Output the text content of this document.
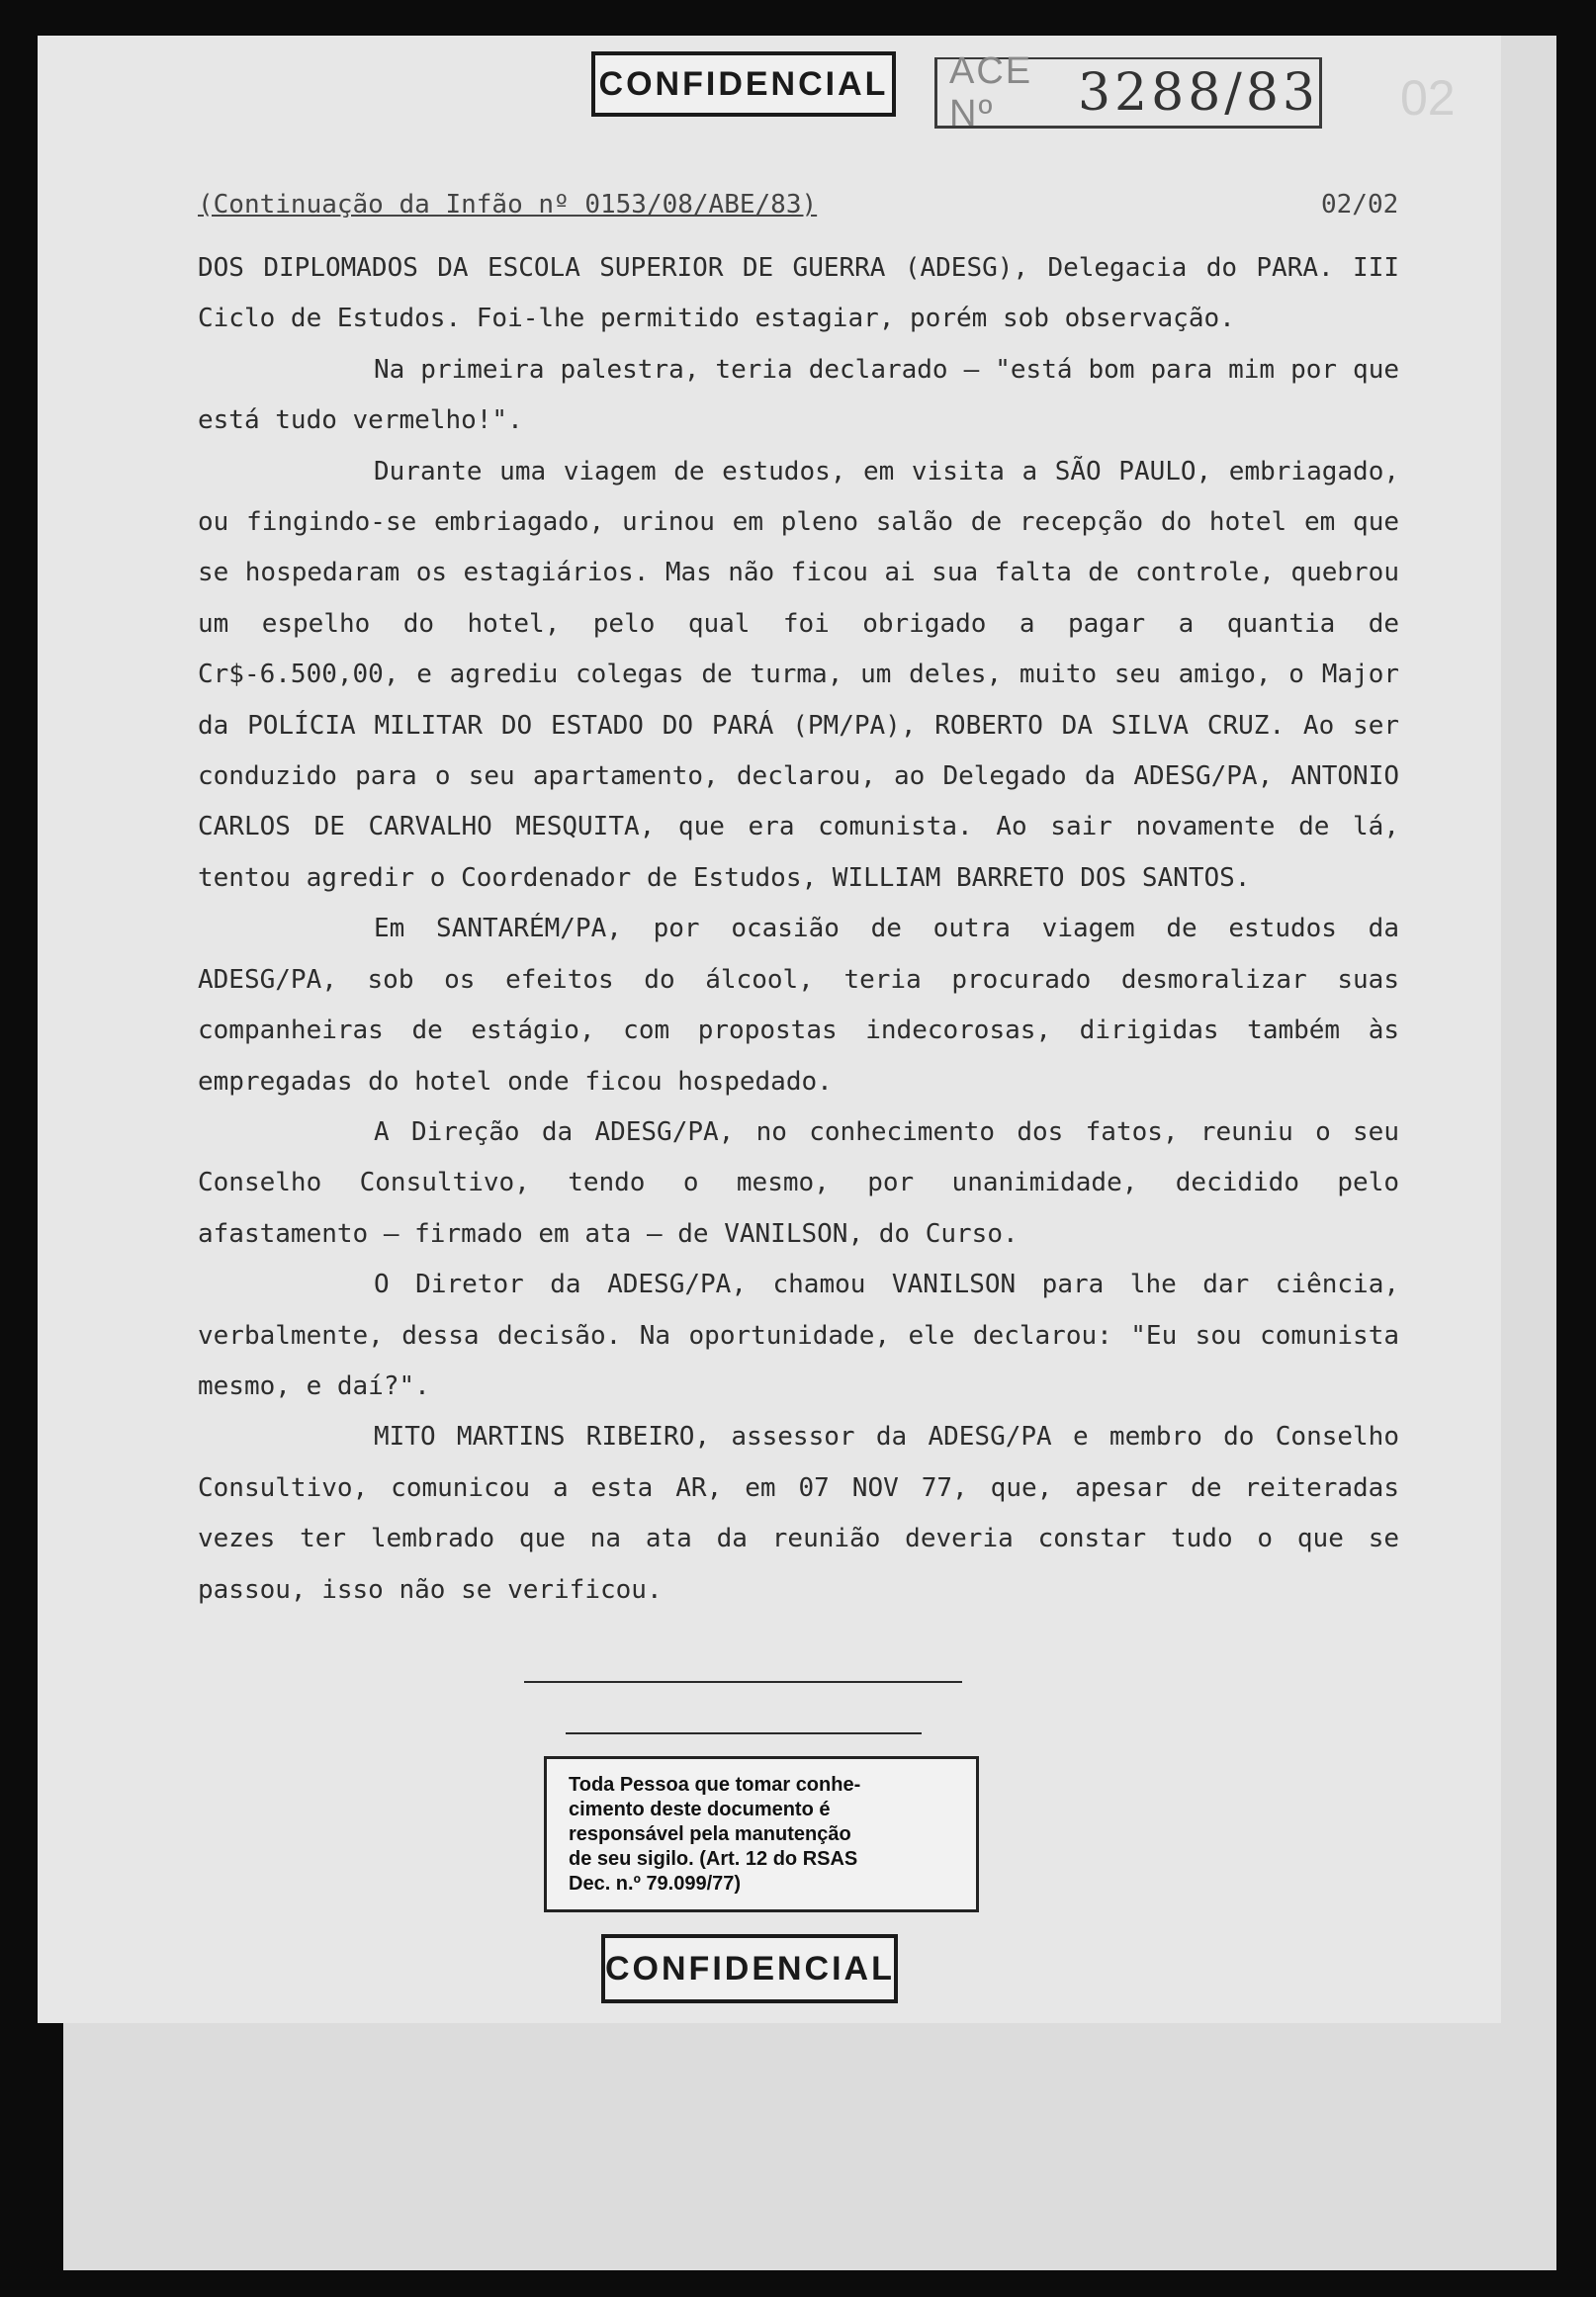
CONFIDENCIAL ACE Nº	3288/83 02
(Continuação da Infão nº 0153/08/ABE/83)	02/02

DOS DIPLOMADOS DA ESCOLA SUPERIOR DE GUERRA (ADESG), Delegacia do PARA. III Ciclo de Estudos. Foi-lhe permitido estagiar, porém sob observação.

Na primeira palestra, teria declarado — "está bom para mim por que está tudo vermelho!".

Durante uma viagem de estudos, em visita a SÃO PAULO, embriagado, ou fingindo-se embriagado, urinou em pleno salão de recepção do hotel em que se hospedaram os estagiários. Mas não ficou ai sua falta de controle, quebrou um espelho do hotel, pelo qual foi obrigado a pagar a quantia de Cr$-6.500,00, e agrediu colegas de turma, um deles, muito seu amigo, o Major da POLÍCIA MILITAR DO ESTADO DO PARÁ (PM/PA), ROBERTO DA SILVA CRUZ. Ao ser conduzido para o seu apartamento, declarou, ao Delegado da ADESG/PA, ANTONIO CARLOS DE CARVALHO MESQUITA, que era comunista. Ao sair novamente de lá, tentou agredir o Coordenador de Estudos, WILLIAM BARRETO DOS SANTOS.

Em SANTARÉM/PA, por ocasião de outra viagem de estudos da ADESG/PA, sob os efeitos do álcool, teria procurado desmoralizar suas companheiras de estágio, com propostas indecorosas, dirigidas também às empregadas do hotel onde ficou hospedado.

A Direção da ADESG/PA, no conhecimento dos fatos, reuniu o seu Conselho Consultivo, tendo o mesmo, por unanimidade, decidido pelo afastamento — firmado em ata — de VANILSON, do Curso.

O Diretor da ADESG/PA, chamou VANILSON para lhe dar ciência, verbalmente, dessa decisão. Na oportunidade, ele declarou: "Eu sou comunista mesmo, e daí?".

MITO MARTINS RIBEIRO, assessor da ADESG/PA e membro do Conselho Consultivo, comunicou a esta AR, em 07 NOV 77, que, apesar de reiteradas vezes ter lembrado que na ata da reunião deveria constar tudo o que se passou, isso não se verificou.

Toda Pessoa que tomar conhe-
cimento deste documento é
responsável pela manutenção
de seu sigilo. (Art. 12 do RSAS
Dec. n.º 79.099/77)
CONFIDENCIAL
